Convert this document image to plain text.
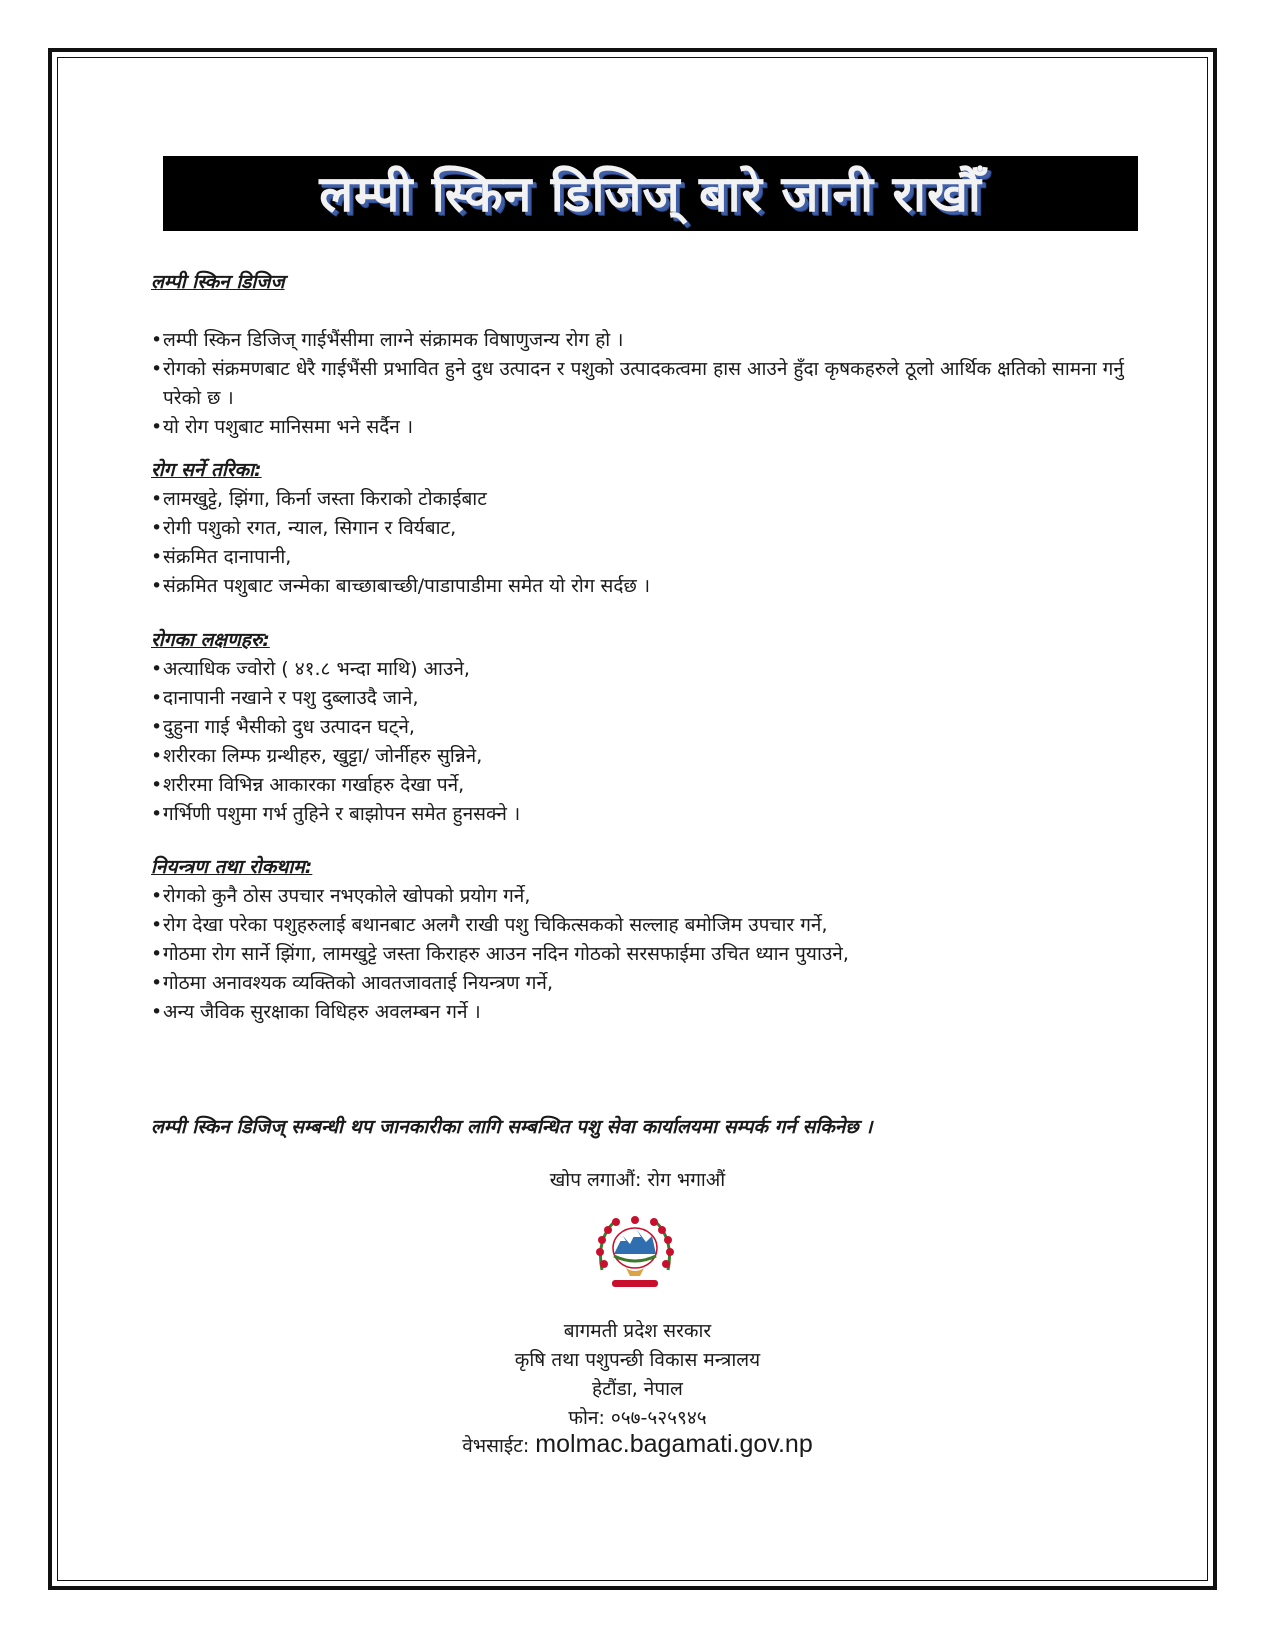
लम्पी स्किन डिजिज् बारे जानी राखौँ
लम्पी स्किन डिजिज
• लम्पी स्किन डिजिज् गाईभैंसीमा लाग्ने संक्रामक विषाणुजन्य रोग हो ।
• रोगको संक्रमणबाट धेरै गाईभैंसी प्रभावित हुने दुध उत्पादन र पशुको उत्पादकत्वमा हास आउने हुँदा कृषकहरुले ठूलो आर्थिक क्षतिको सामना गर्नु परेको छ ।
• यो रोग पशुबाट मानिसमा भने सर्दैन ।
रोग सर्ने तरिका:
• लामखुट्टे, झिंगा, किर्ना जस्ता किराको टोकाईबाट
• रोगी पशुको रगत, न्याल, सिगान र विर्यबाट,
• संक्रमित दानापानी,
• संक्रमित पशुबाट जन्मेका बाच्छाबाच्छी/पाडापाडीमा समेत यो रोग सर्दछ ।
रोगका लक्षणहरु:
• अत्याधिक ज्वोरो ( ४१.८ भन्दा माथि) आउने,
• दानापानी नखाने र पशु दुब्लाउदै जाने,
• दुहुना गाई भैसीको दुध उत्पादन घट्ने,
• शरीरका लिम्फ ग्रन्थीहरु, खुट्टा/ जोर्नीहरु सुन्निने,
• शरीरमा विभिन्न आकारका गर्खाहरु देखा पर्ने,
• गर्भिणी पशुमा गर्भ तुहिने र बाझोपन समेत हुनसक्ने ।
नियन्त्रण तथा रोकथाम:
• रोगको कुनै ठोस उपचार नभएकोले खोपको प्रयोग गर्ने,
• रोग देखा परेका पशुहरुलाई बथानबाट अलगै राखी पशु चिकित्सकको सल्लाह बमोजिम उपचार गर्ने,
• गोठमा रोग सार्ने झिंगा, लामखुट्टे जस्ता किराहरु आउन नदिन गोठको सरसफाईमा उचित ध्यान पुयाउने,
• गोठमा अनावश्यक व्यक्तिको आवतजावताई नियन्त्रण गर्ने,
• अन्य जैविक सुरक्षाका विधिहरु अवलम्बन गर्ने ।
लम्पी स्किन डिजिज् सम्बन्धी थप जानकारीका लागि सम्बन्धित पशु सेवा कार्यालयमा सम्पर्क गर्न सकिनेछ ।
खोप लगाऔं: रोग भगाऔं
बागमती प्रदेश सरकार
कृषि तथा पशुपन्छी विकास मन्त्रालय
हेटौंडा, नेपाल
फोन: ०५७-५२५९४५
वेभसाईट: molmac.bagamati.gov.np
